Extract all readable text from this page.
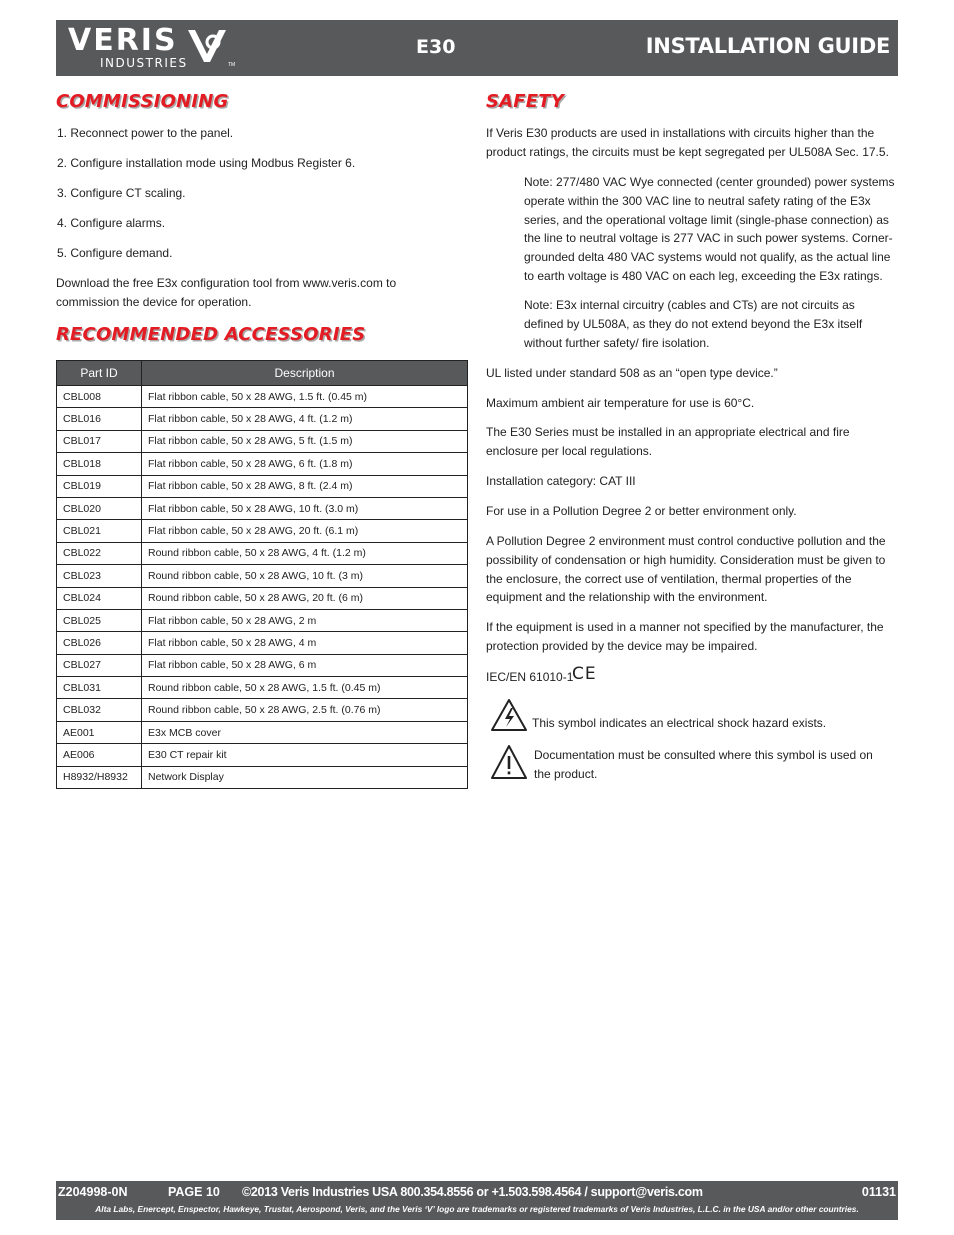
VERIS
INDUSTRIES	TM
E30	INSTALLATION GUIDE
COMMISSIONING
1. Reconnect power to the panel.
2. Configure installation mode using Modbus Register 6.
3. Configure CT scaling.
4. Configure alarms.
5. Configure demand.
Download the free E3x configuration tool from www.veris.com to commission the device for operation.
RECOMMENDED ACCESSORIES
Part ID	Description
CBL008	Flat ribbon cable, 50 x 28 AWG, 1.5 ft. (0.45 m)
CBL016	Flat ribbon cable, 50 x 28 AWG, 4 ft. (1.2 m)
CBL017	Flat ribbon cable, 50 x 28 AWG, 5 ft. (1.5 m)
CBL018	Flat ribbon cable, 50 x 28 AWG, 6 ft. (1.8 m)
CBL019	Flat ribbon cable, 50 x 28 AWG, 8 ft. (2.4 m)
CBL020	Flat ribbon cable, 50 x 28 AWG, 10 ft. (3.0 m)
CBL021	Flat ribbon cable, 50 x 28 AWG, 20 ft. (6.1 m)
CBL022	Round ribbon cable, 50 x 28 AWG, 4 ft. (1.2 m)
CBL023	Round ribbon cable, 50 x 28 AWG, 10 ft. (3 m)
CBL024	Round ribbon cable, 50 x 28 AWG, 20 ft. (6 m)
CBL025	Flat ribbon cable, 50 x 28 AWG, 2 m
CBL026	Flat ribbon cable, 50 x 28 AWG, 4 m
CBL027	Flat ribbon cable, 50 x 28 AWG, 6 m
CBL031	Round ribbon cable, 50 x 28 AWG, 1.5 ft. (0.45 m)
CBL032	Round ribbon cable, 50 x 28 AWG, 2.5 ft. (0.76 m)
AE001	E3x MCB cover
AE006	E30 CT repair kit
H8932/H8932	Network Display
SAFETY
If Veris E30 products are used in installations with circuits higher than the product ratings, the circuits must be kept segregated per UL508A Sec. 17.5.
Note: 277/480 VAC Wye connected (center grounded) power systems operate within the 300 VAC line to neutral safety rating of the E3x series, and the operational voltage limit (single-phase connection) as the line to neutral voltage is 277 VAC in such power systems. Corner-grounded delta 480 VAC systems would not qualify, as the actual line to earth voltage is 480 VAC on each leg, exceeding the E3x ratings.
Note: E3x internal circuitry (cables and CTs) are not circuits as defined by UL508A, as they do not extend beyond the E3x itself without further safety/ fire isolation.
UL listed under standard 508 as an “open type device.”
Maximum ambient air temperature for use is 60°C.
The E30 Series must be installed in an appropriate electrical and fire enclosure per local regulations.
Installation category: CAT III
For use in a Pollution Degree 2 or better environment only.
A Pollution Degree 2 environment must control conductive pollution and the possibility of condensation or high humidity. Consideration must be given to the enclosure, the correct use of ventilation, thermal properties of the equipment and the relationship with the environment.
If the equipment is used in a manner not specified by the manufacturer, the protection provided by the device may be impaired.
IEC/EN 61010-1
CE
This symbol indicates an electrical shock hazard exists.
Documentation must be consulted where this symbol is used on the product.
Z204998-0N	PAGE 10 ©2013 Veris Industries USA 800.354.8556 or +1.503.598.4564 / support@veris.com	01131
Alta Labs, Enercept, Enspector, Hawkeye, Trustat, Aerospond, Veris, and the Veris ‘V’ logo are trademarks or registered trademarks of Veris Industries, L.L.C. in the USA and/or other countries.
